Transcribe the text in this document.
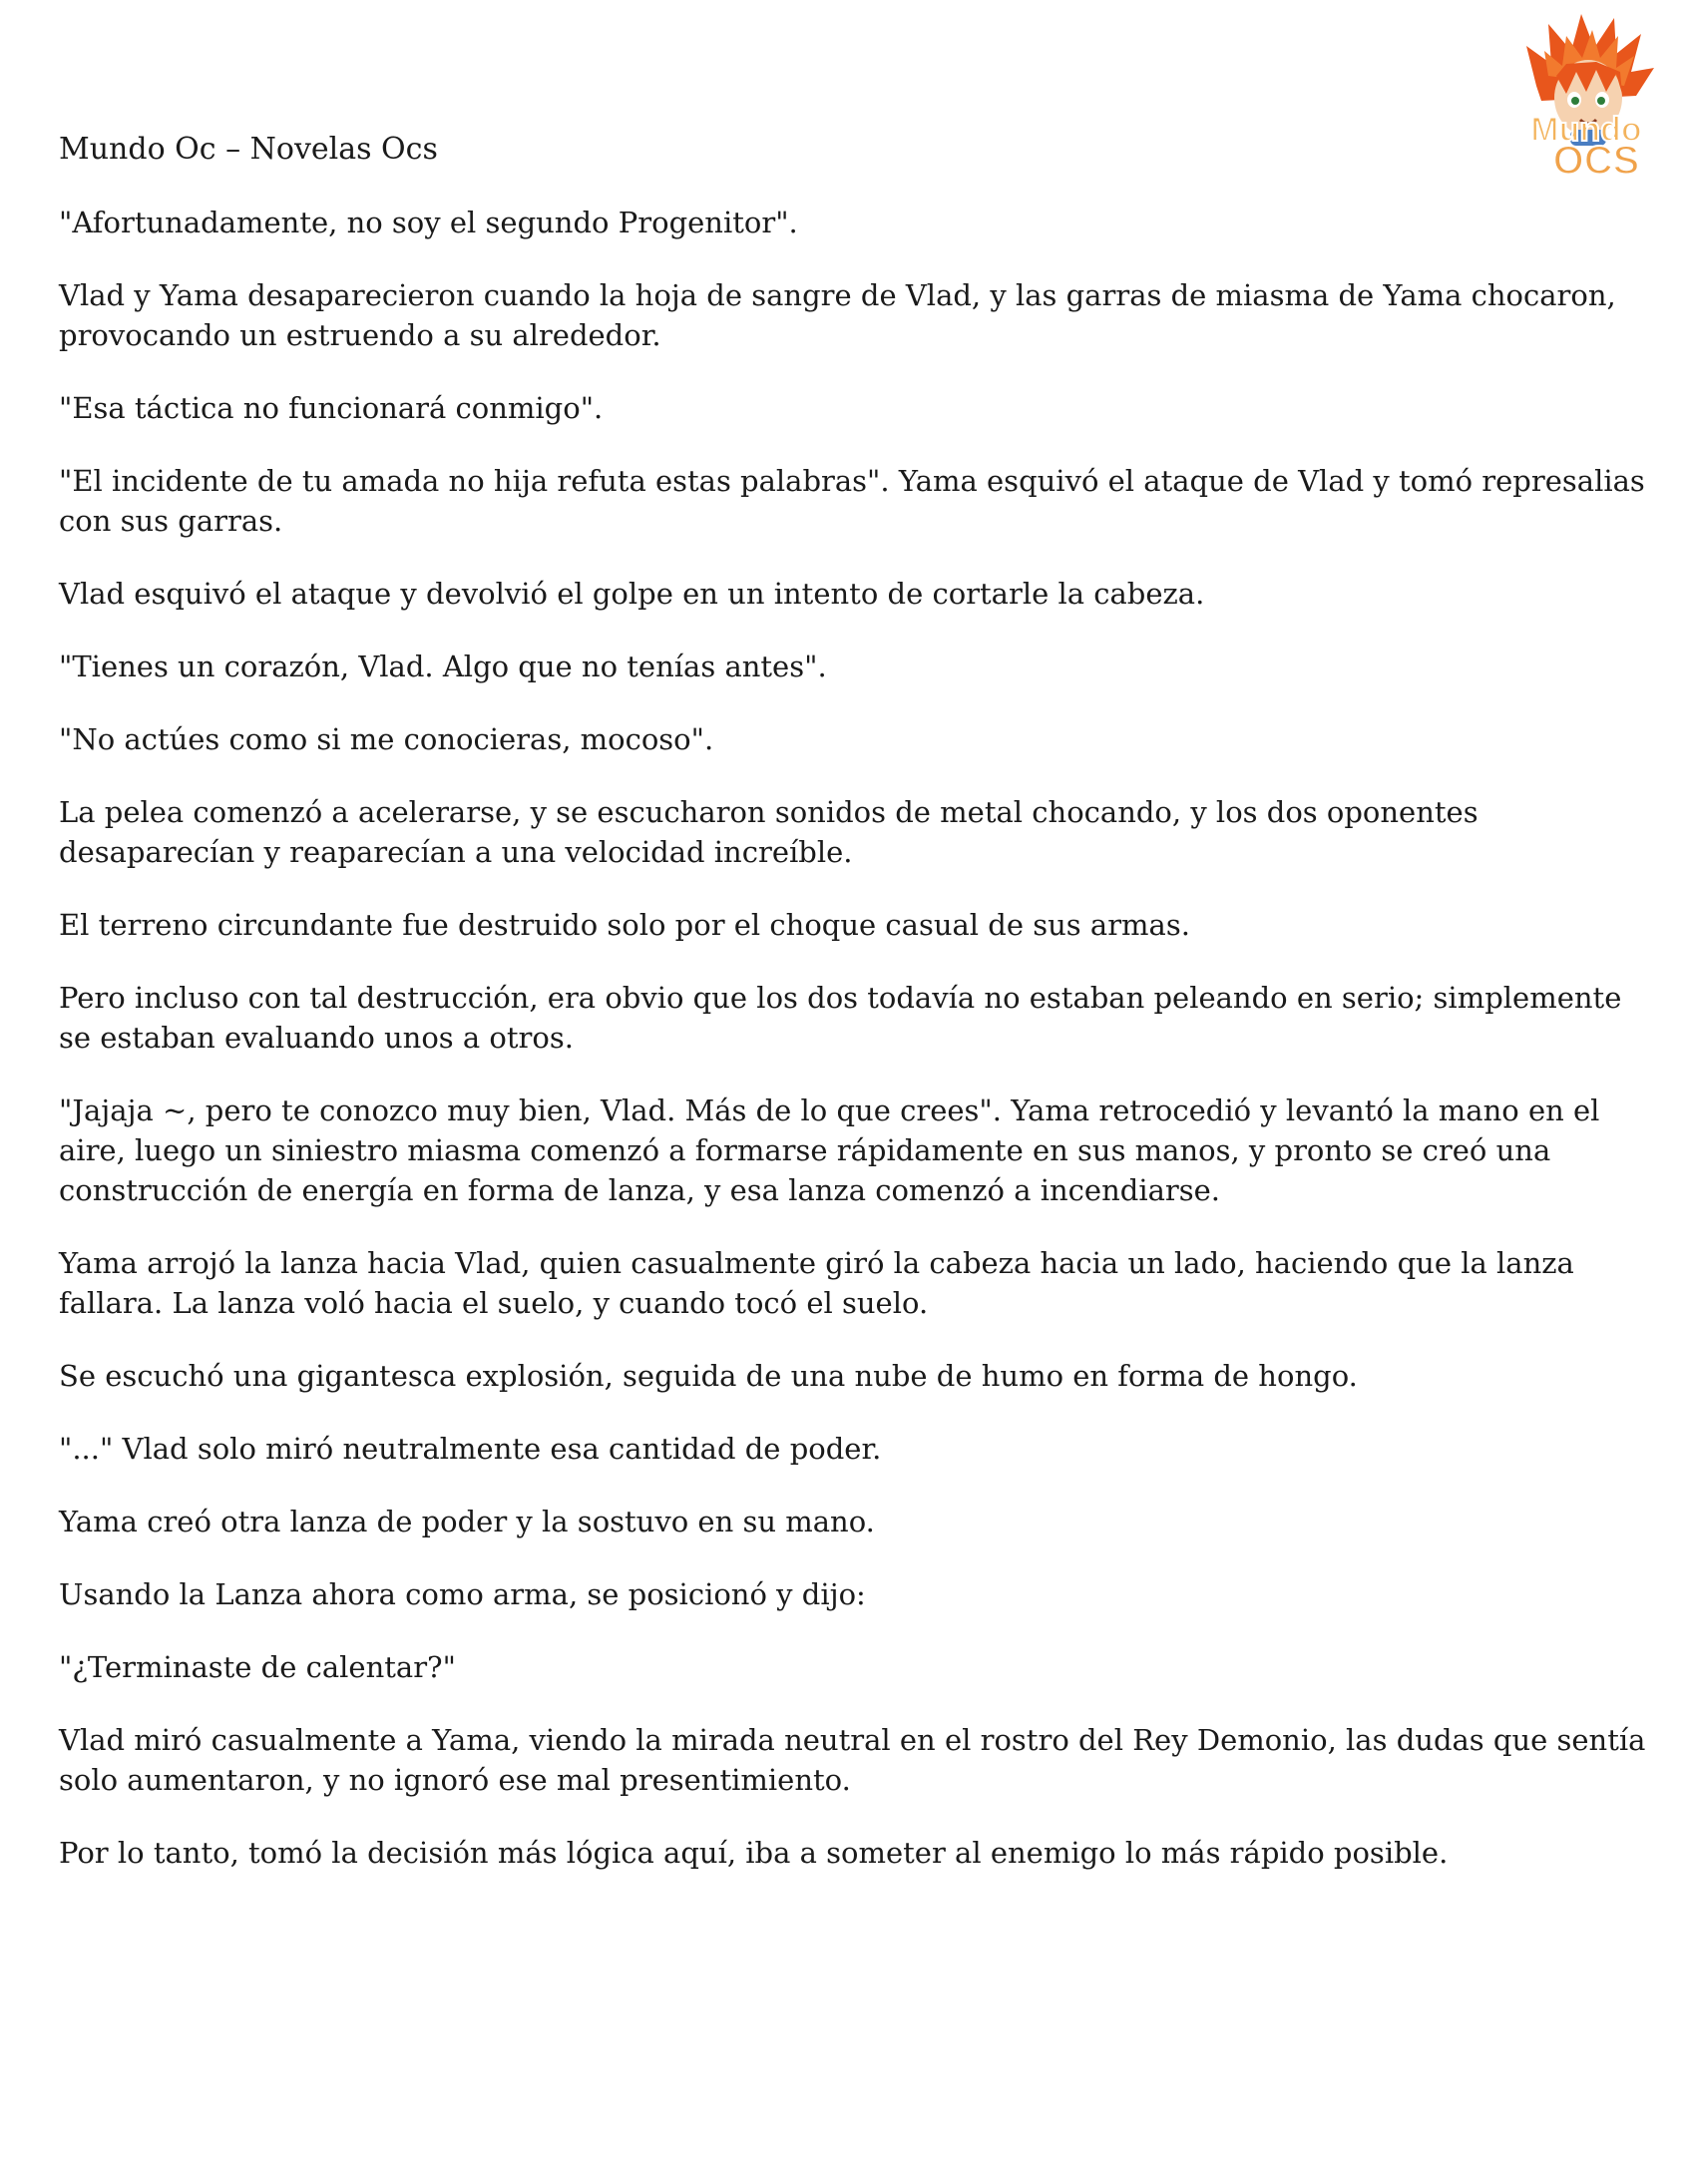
Mundo Oc – Novelas Ocs
Mundo
OCS

"Afortunadamente, no soy el segundo Progenitor".

Vlad y Yama desaparecieron cuando la hoja de sangre de Vlad, y las garras de miasma de Yama chocaron, provocando un estruendo a su alrededor.

"Esa táctica no funcionará conmigo".

"El incidente de tu amada no hija refuta estas palabras". Yama esquivó el ataque de Vlad y tomó represalias con sus garras.

Vlad esquivó el ataque y devolvió el golpe en un intento de cortarle la cabeza.

"Tienes un corazón, Vlad. Algo que no tenías antes".

"No actúes como si me conocieras, mocoso".

La pelea comenzó a acelerarse, y se escucharon sonidos de metal chocando, y los dos oponentes desaparecían y reaparecían a una velocidad increíble.

El terreno circundante fue destruido solo por el choque casual de sus armas.

Pero incluso con tal destrucción, era obvio que los dos todavía no estaban peleando en serio; simplemente se estaban evaluando unos a otros.

"Jajaja ~, pero te conozco muy bien, Vlad. Más de lo que crees". Yama retrocedió y levantó la mano en el aire, luego un siniestro miasma comenzó a formarse rápidamente en sus manos, y pronto se creó una construcción de energía en forma de lanza, y esa lanza comenzó a incendiarse.

Yama arrojó la lanza hacia Vlad, quien casualmente giró la cabeza hacia un lado, haciendo que la lanza fallara. La lanza voló hacia el suelo, y cuando tocó el suelo.

Se escuchó una gigantesca explosión, seguida de una nube de humo en forma de hongo.

"..." Vlad solo miró neutralmente esa cantidad de poder.

Yama creó otra lanza de poder y la sostuvo en su mano.

Usando la Lanza ahora como arma, se posicionó y dijo:

"¿Terminaste de calentar?"

Vlad miró casualmente a Yama, viendo la mirada neutral en el rostro del Rey Demonio, las dudas que sentía solo aumentaron, y no ignoró ese mal presentimiento.

Por lo tanto, tomó la decisión más lógica aquí, iba a someter al enemigo lo más rápido posible.
